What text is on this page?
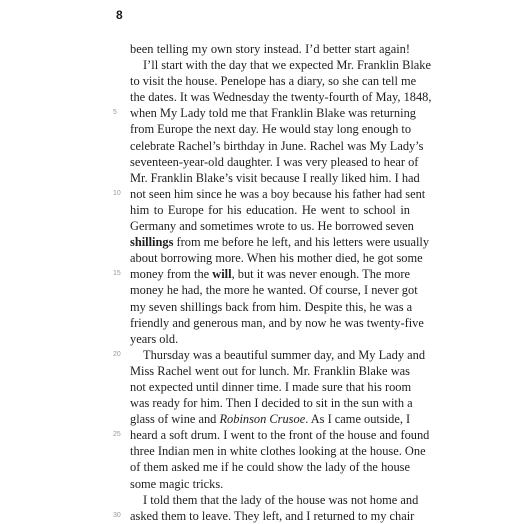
8
been telling my own story instead. I’d better start again!
I’ll start with the day that we expected Mr. Franklin Blake
to visit the house. Penelope has a diary, so she can tell me
the dates. It was Wednesday the twenty-fourth of May, 1848,
5 when My Lady told me that Franklin Blake was returning
from Europe the next day. He would stay long enough to
celebrate Rachel’s birthday in June. Rachel was My Lady’s
seventeen-year-old daughter. I was very pleased to hear of
Mr. Franklin Blake’s visit because I really liked him. I had
10 not seen him since he was a boy because his father had sent
him to Europe for his education. He went to school in
Germany and sometimes wrote to us. He borrowed seven
shillings from me before he left, and his letters were usually
about borrowing more. When his mother died, he got some
15 money from the will, but it was never enough. The more
money he had, the more he wanted. Of course, I never got
my seven shillings back from him. Despite this, he was a
friendly and generous man, and by now he was twenty-five
years old.
20 Thursday was a beautiful summer day, and My Lady and
Miss Rachel went out for lunch. Mr. Franklin Blake was
not expected until dinner time. I made sure that his room
was ready for him. Then I decided to sit in the sun with a
glass of wine and Robinson Crusoe. As I came outside, I
25 heard a soft drum. I went to the front of the house and found
three Indian men in white clothes looking at the house. One
of them asked me if he could show the lady of the house
some magic tricks.
I told them that the lady of the house was not home and
30 asked them to leave. They left, and I returned to my chair
